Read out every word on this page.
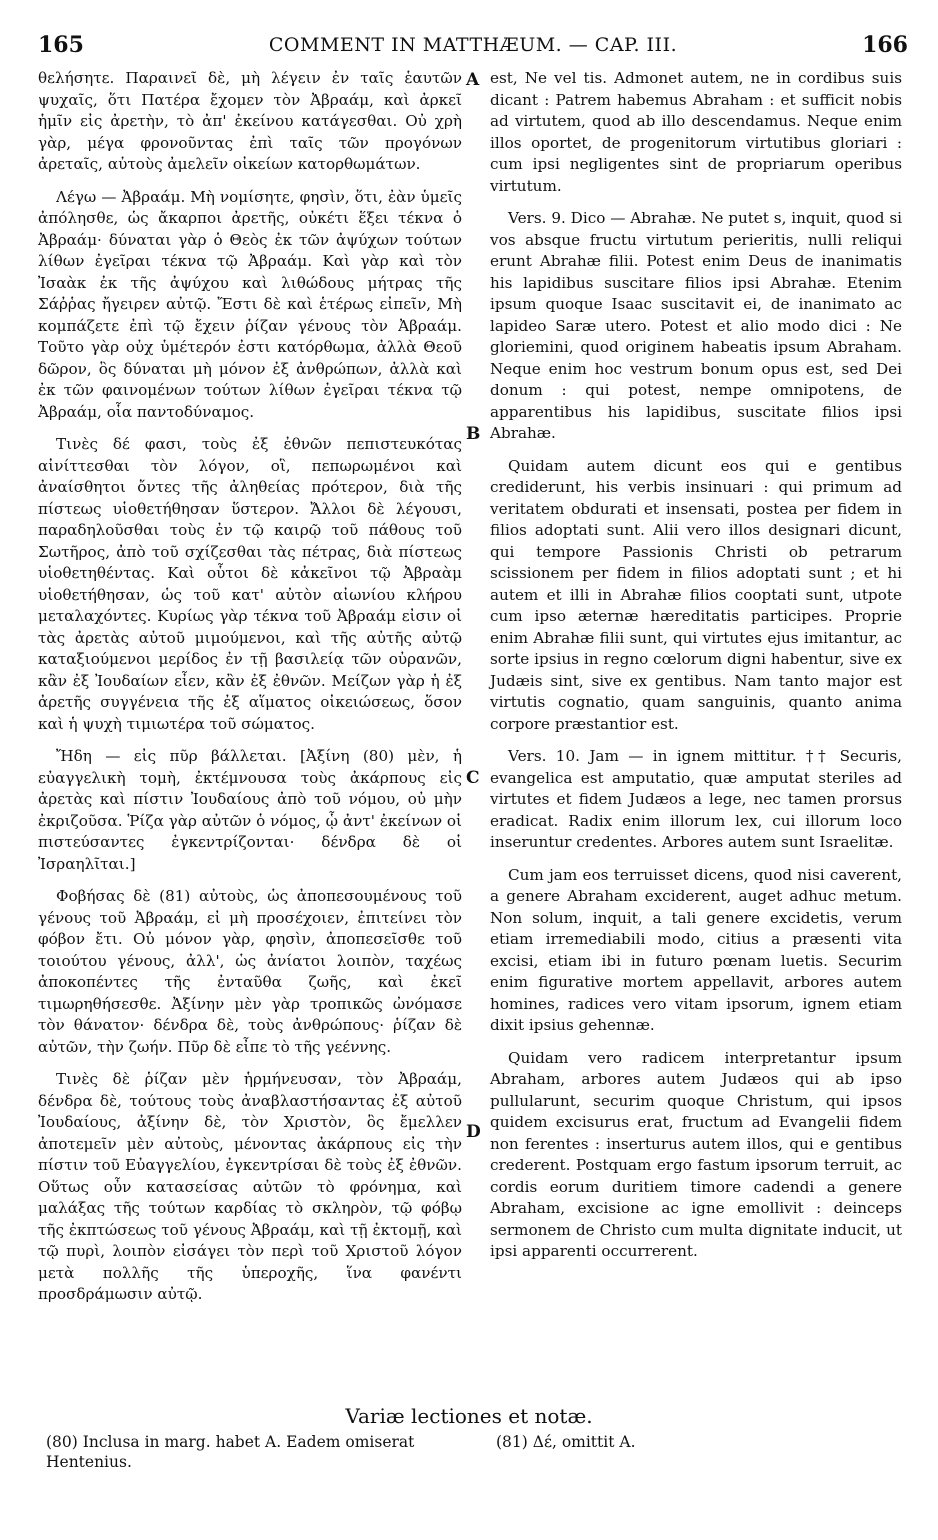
165	COMMENT IN MATTHÆUM. — CAP. III.	166

θελήσητε. Παραινεῖ δὲ, μὴ λέγειν ἐν ταῖς ἑαυτῶν ψυχαῖς, ὅτι Πατέρα ἔχομεν τὸν Ἀβραάμ, καὶ ἀρκεῖ ἡμῖν εἰς ἀρετὴν, τὸ ἀπ' ἐκείνου κατάγεσθαι. Οὐ χρὴ γὰρ, μέγα φρονοῦντας ἐπὶ ταῖς τῶν προγόνων ἀρεταῖς, αὐτοὺς ἀμελεῖν οἰκείων κατορθωμάτων.

Λέγω — Ἀβραάμ. Μὴ νομίσητε, φησὶν, ὅτι, ἐὰν ὑμεῖς ἀπόλησθε, ὡς ἄκαρποι ἀρετῆς, οὐκέτι ἕξει τέκνα ὁ Ἀβραάμ· δύναται γὰρ ὁ Θεὸς ἐκ τῶν ἀψύχων τούτων λίθων ἐγεῖραι τέκνα τῷ Ἀβραάμ. Καὶ γὰρ καὶ τὸν Ἰσαὰκ ἐκ τῆς ἀψύχου καὶ λιθώδους μήτρας τῆς Σάῤῥας ἤγειρεν αὐτῷ. Ἔστι δὲ καὶ ἑτέρως εἰπεῖν, Μὴ κομπάζετε ἐπὶ τῷ ἔχειν ῥίζαν γένους τὸν Ἀβραάμ. Τοῦτο γὰρ οὐχ ὑμέτερόν ἐστι κατόρθωμα, ἀλλὰ Θεοῦ δῶρον, ὃς δύναται μὴ μόνον ἐξ ἀνθρώπων, ἀλλὰ καὶ ἐκ τῶν φαινομένων τούτων λίθων ἐγεῖραι τέκνα τῷ Ἀβραάμ, οἷα παντοδύναμος.

Τινὲς δέ φασι, τοὺς ἐξ ἐθνῶν πεπιστευκότας αἰνίττεσθαι τὸν λόγον, οἳ, πεπωρωμένοι καὶ ἀναίσθητοι ὄντες τῆς ἀληθείας πρότερον, διὰ τῆς πίστεως υἱοθετήθησαν ὕστερον. Ἄλλοι δὲ λέγουσι, παραδηλοῦσθαι τοὺς ἐν τῷ καιρῷ τοῦ πάθους τοῦ Σωτῆρος, ἀπὸ τοῦ σχίζεσθαι τὰς πέτρας, διὰ πίστεως υἱοθετηθέντας. Καὶ οὗτοι δὲ κἀκεῖνοι τῷ Ἀβραὰμ υἱοθετήθησαν, ὡς τοῦ κατ' αὐτὸν αἰωνίου κλήρου μεταλαχόντες. Κυρίως γὰρ τέκνα τοῦ Ἀβραάμ εἰσιν οἱ τὰς ἀρετὰς αὐτοῦ μιμούμενοι, καὶ τῆς αὐτῆς αὐτῷ καταξιούμενοι μερίδος ἐν τῇ βασιλείᾳ τῶν οὐρανῶν, κἂν ἐξ Ἰουδαίων εἶεν, κἂν ἐξ ἐθνῶν. Μείζων γὰρ ἡ ἐξ ἀρετῆς συγγένεια τῆς ἐξ αἵματος οἰκειώσεως, ὅσον καὶ ἡ ψυχὴ τιμιωτέρα τοῦ σώματος.

Ἤδη — εἰς πῦρ βάλλεται. [Ἀξίνη (80) μὲν, ἡ εὐαγγελικὴ τομὴ, ἐκτέμνουσα τοὺς ἀκάρπους εἰς ἀρετὰς καὶ πίστιν Ἰουδαίους ἀπὸ τοῦ νόμου, οὐ μὴν ἐκριζοῦσα. Ῥίζα γὰρ αὐτῶν ὁ νόμος, ᾧ ἀντ' ἐκείνων οἱ πιστεύσαντες ἐγκεντρίζονται· δένδρα δὲ οἱ Ἰσραηλῖται.]

Φοβήσας δὲ (81) αὐτοὺς, ὡς ἀποπεσουμένους τοῦ γένους τοῦ Ἀβραάμ, εἰ μὴ προσέχοιεν, ἐπιτείνει τὸν φόβον ἔτι. Οὐ μόνον γὰρ, φησὶν, ἀποπεσεῖσθε τοῦ τοιούτου γένους, ἀλλ', ὡς ἀνίατοι λοιπὸν, ταχέως ἀποκοπέντες τῆς ἐνταῦθα ζωῆς, καὶ ἐκεῖ τιμωρηθήσεσθε. Ἀξίνην μὲν γὰρ τροπικῶς ὠνόμασε τὸν θάνατον· δένδρα δὲ, τοὺς ἀνθρώπους· ῥίζαν δὲ αὐτῶν, τὴν ζωήν. Πῦρ δὲ εἶπε τὸ τῆς γεέννης.

Τινὲς δὲ ῥίζαν μὲν ἡρμήνευσαν, τὸν Ἀβραάμ, δένδρα δὲ, τούτους τοὺς ἀναβλαστήσαντας ἐξ αὐτοῦ Ἰουδαίους, ἀξίνην δὲ, τὸν Χριστὸν, ὃς ἔμελλεν ἀποτεμεῖν μὲν αὐτοὺς, μένοντας ἀκάρπους εἰς τὴν πίστιν τοῦ Εὐαγγελίου, ἐγκεντρίσαι δὲ τοὺς ἐξ ἐθνῶν. Οὕτως οὖν κατασείσας αὐτῶν τὸ φρόνημα, καὶ μαλάξας τῆς τούτων καρδίας τὸ σκληρὸν, τῷ φόβῳ τῆς ἐκπτώσεως τοῦ γένους Ἀβραάμ, καὶ τῇ ἐκτομῇ, καὶ τῷ πυρὶ, λοιπὸν εἰσάγει τὸν περὶ τοῦ Χριστοῦ λόγον μετὰ πολλῆς τῆς ὑπεροχῆς, ἵνα φανέντι προσδράμωσιν αὐτῷ.

A
B
C
D

est, Ne vel tis. Admonet autem, ne in cordibus suis dicant : Patrem habemus Abraham : et sufficit nobis ad virtutem, quod ab illo descendamus. Neque enim illos oportet, de progenitorum virtutibus gloriari : cum ipsi negligentes sint de propriarum operibus virtutum.

Vers. 9. Dico — Abrahæ. Ne putet s, inquit, quod si vos absque fructu virtutum perieritis, nulli reliqui erunt Abrahæ filii. Potest enim Deus de inanimatis his lapidibus suscitare filios ipsi Abrahæ. Etenim ipsum quoque Isaac suscitavit ei, de inanimato ac lapideo Saræ utero. Potest et alio modo dici : Ne gloriemini, quod originem habeatis ipsum Abraham. Neque enim hoc vestrum bonum opus est, sed Dei donum : qui potest, nempe omnipotens, de apparentibus his lapidibus, suscitate filios ipsi Abrahæ.

Quidam autem dicunt eos qui e gentibus crediderunt, his verbis insinuari : qui primum ad veritatem obdurati et insensati, postea per fidem in filios adoptati sunt. Alii vero illos designari dicunt, qui tempore Passionis Christi ob petrarum scissionem per fidem in filios adoptati sunt ; et hi autem et illi in Abrahæ filios cooptati sunt, utpote cum ipso æternæ hæreditatis participes. Proprie enim Abrahæ filii sunt, qui virtutes ejus imitantur, ac sorte ipsius in regno cœlorum digni habentur, sive ex Judæis sint, sive ex gentibus. Nam tanto major est virtutis cognatio, quam sanguinis, quanto anima corpore præstantior est.

Vers. 10. Jam — in ignem mittitur. †† Securis, evangelica est amputatio, quæ amputat steriles ad virtutes et fidem Judæos a lege, nec tamen prorsus eradicat. Radix enim illorum lex, cui illorum loco inseruntur credentes. Arbores autem sunt Israelitæ.

Cum jam eos terruisset dicens, quod nisi caverent, a genere Abraham exciderent, auget adhuc metum. Non solum, inquit, a tali genere excidetis, verum etiam irremediabili modo, citius a præsenti vita excisi, etiam ibi in futuro pœnam luetis. Securim enim figurative mortem appellavit, arbores autem homines, radices vero vitam ipsorum, ignem etiam dixit ipsius gehennæ.

Quidam vero radicem interpretantur ipsum Abraham, arbores autem Judæos qui ab ipso pullularunt, securim quoque Christum, qui ipsos quidem excisurus erat, fructum ad Evangelii fidem non ferentes : inserturus autem illos, qui e gentibus crederent. Postquam ergo fastum ipsorum terruit, ac cordis eorum duritiem timore cadendi a genere Abraham, excisione ac igne emollivit : deinceps sermonem de Christo cum multa dignitate inducit, ut ipsi apparenti occurrerent.

Variæ lectiones et notæ.
(80) Inclusa in marg. habet A. Eadem omiserat Hentenius.
(81) Δέ, omittit A.
